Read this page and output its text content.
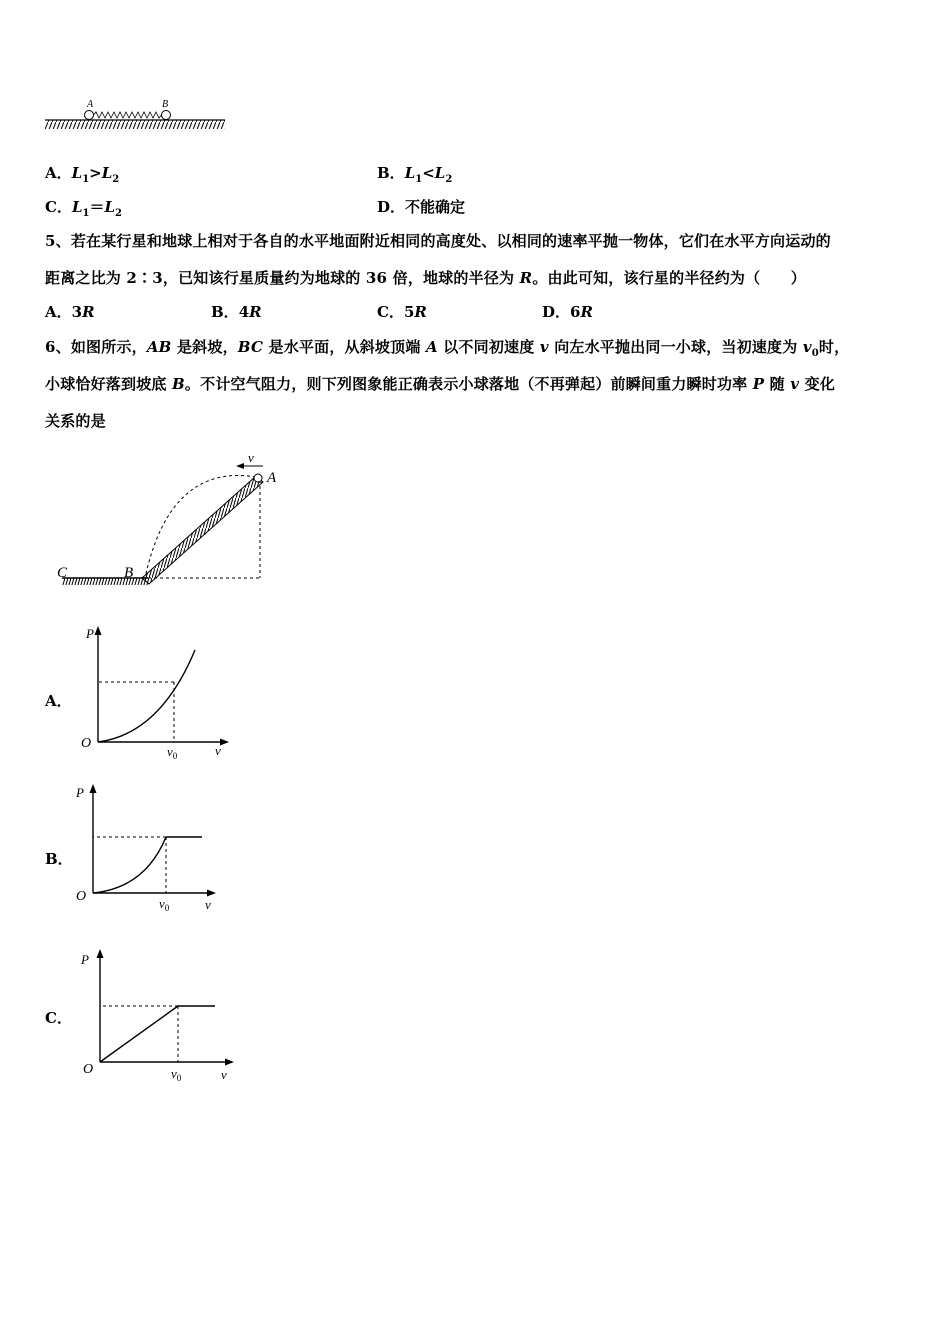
A	B
A．$L_1>L_2$	B．$L_1<L_2$
C．$L_1=L_2$	D．不能确定
5、若在某行星和地球上相对于各自的水平地面附近相同的高度处、以相同的速率平抛一物体，它们在水平方向运动的
距离之比为 2∶3，已知该行星质量约为地球的 36 倍，地球的半径为 R。由此可知，该行星的半径约为（　　）
A．3R	B．4R	C．5R	D．6R
6、如图所示，AB 是斜坡，BC 是水平面，从斜坡顶端 A 以不同初速度 v 向左水平抛出同一小球，当初速度为 $v_0$时，
小球恰好落到坡底 B。不计空气阻力，则下列图象能正确表示小球落地（不再弹起）前瞬间重力瞬时功率 P 随 v 变化
关系的是
v
A
B
C
A．
P
O
$v_0$	v
B．
P
O	$v_0$	v
C．
P
O	$v_0$	v
